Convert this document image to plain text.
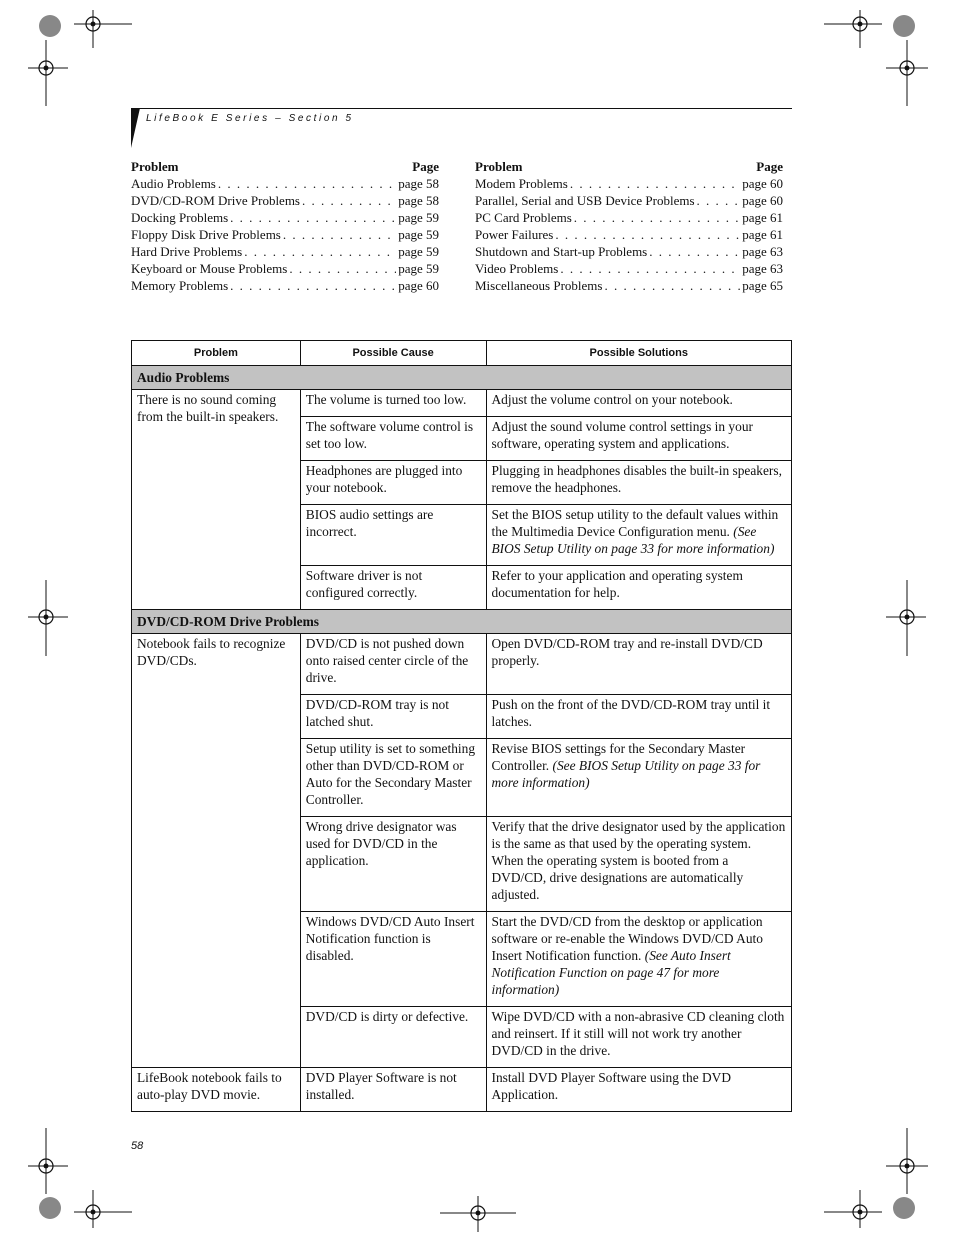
LifeBook E Series – Section 5
Problem	Page
Audio Problems . . .	page 58
DVD/CD-ROM Drive Problems . . .	page 58
Docking Problems . . .	page 59
Floppy Disk Drive Problems . . .	page 59
Hard Drive Problems . . .	page 59
Keyboard or Mouse Problems . . .	page 59
Memory Problems . . .	page 60
Problem	Page
Modem Problems . . .	page 60
Parallel, Serial and USB Device Problems . . .	page 60
PC Card Problems . . .	page 61
Power Failures . . .	page 61
Shutdown and Start-up Problems . . .	page 63
Video Problems . . .	page 63
Miscellaneous Problems . . .	page 65
Problem	Possible Cause	Possible Solutions
Audio Problems		
There is no sound coming from the built-in speakers.	The volume is turned too low.	Adjust the volume control on your notebook.
	The software volume control is set too low.	Adjust the sound volume control settings in your software, operating system and applications.
	Headphones are plugged into your notebook.	Plugging in headphones disables the built-in speakers, remove the headphones.
	BIOS audio settings are incorrect.	Set the BIOS setup utility to the default values within the Multimedia Device Configuration menu. (See BIOS Setup Utility on page 33 for more information)
	Software driver is not configured correctly.	Refer to your application and operating system documentation for help.
DVD/CD-ROM Drive Problems		
Notebook fails to recognize DVD/CDs.	DVD/CD is not pushed down onto raised center circle of the drive.	Open DVD/CD-ROM tray and re-install DVD/CD properly.
	DVD/CD-ROM tray is not latched shut.	Push on the front of the DVD/CD-ROM tray until it latches.
	Setup utility is set to something other than DVD/CD-ROM or Auto for the Secondary Master Controller.	Revise BIOS settings for the Secondary Master Controller. (See BIOS Setup Utility on page 33 for more information)
	Wrong drive designator was used for DVD/CD in the application.	Verify that the drive designator used by the application is the same as that used by the operating system. When the operating system is booted from a DVD/CD, drive designations are automatically adjusted.
	Windows DVD/CD Auto Insert Notification function is disabled.	Start the DVD/CD from the desktop or application software or re-enable the Windows DVD/CD Auto Insert Notification function. (See Auto Insert Notification Function on page 47 for more information)
	DVD/CD is dirty or defective.	Wipe DVD/CD with a non-abrasive CD cleaning cloth and reinsert. If it still will not work try another DVD/CD in the drive.
LifeBook notebook fails to auto-play DVD movie.	DVD Player Software is not installed.	Install DVD Player Software using the DVD Application.
58
